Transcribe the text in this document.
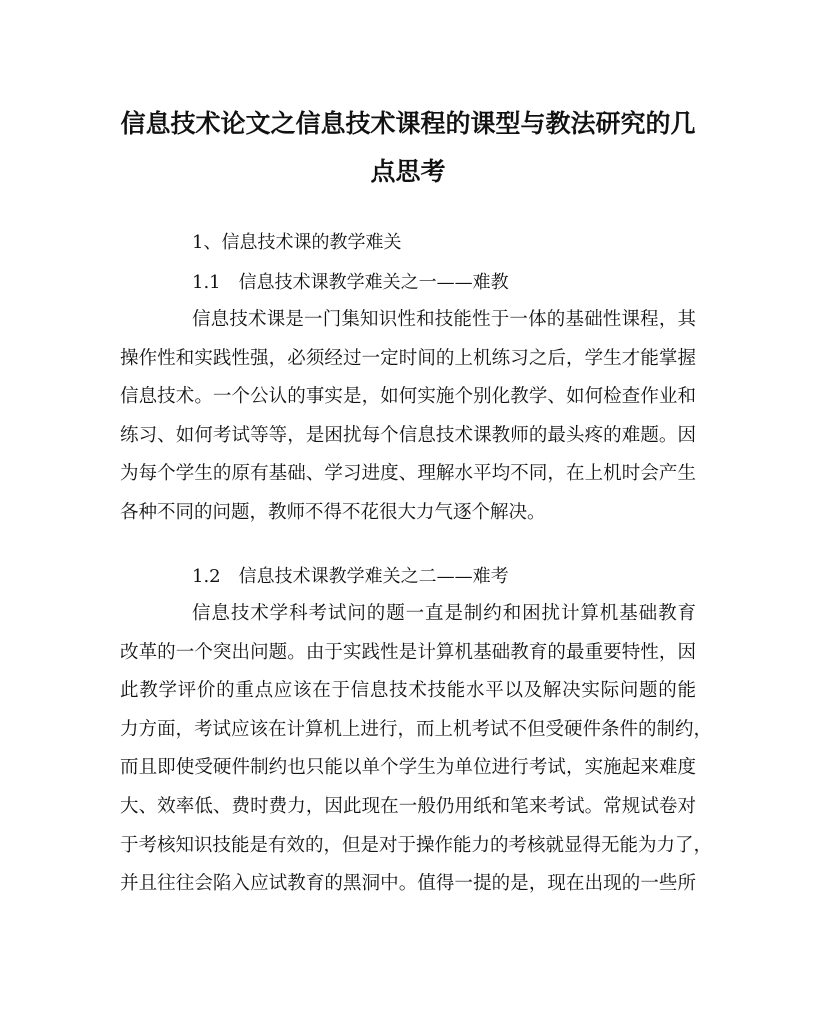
信息技术论文之信息技术课程的课型与教法研究的几
点思考
1、信息技术课的教学难关
1.1　信息技术课教学难关之一——难教
信息技术课是一门集知识性和技能性于一体的基础性课程，其
操作性和实践性强，必须经过一定时间的上机练习之后，学生才能掌握
信息技术。一个公认的事实是，如何实施个别化教学、如何检查作业和
练习、如何考试等等，是困扰每个信息技术课教师的最头疼的难题。因
为每个学生的原有基础、学习进度、理解水平均不同，在上机时会产生
各种不同的问题，教师不得不花很大力气逐个解决。
1.2　信息技术课教学难关之二——难考
信息技术学科考试问的题一直是制约和困扰计算机基础教育
改革的一个突出问题。由于实践性是计算机基础教育的最重要特性，因
此教学评价的重点应该在于信息技术技能水平以及解决实际问题的能
力方面，考试应该在计算机上进行，而上机考试不但受硬件条件的制约，
而且即使受硬件制约也只能以单个学生为单位进行考试，实施起来难度
大、效率低、费时费力，因此现在一般仍用纸和笔来考试。常规试卷对
于考核知识技能是有效的，但是对于操作能力的考核就显得无能为力了，
并且往往会陷入应试教育的黑洞中。值得一提的是，现在出现的一些所
